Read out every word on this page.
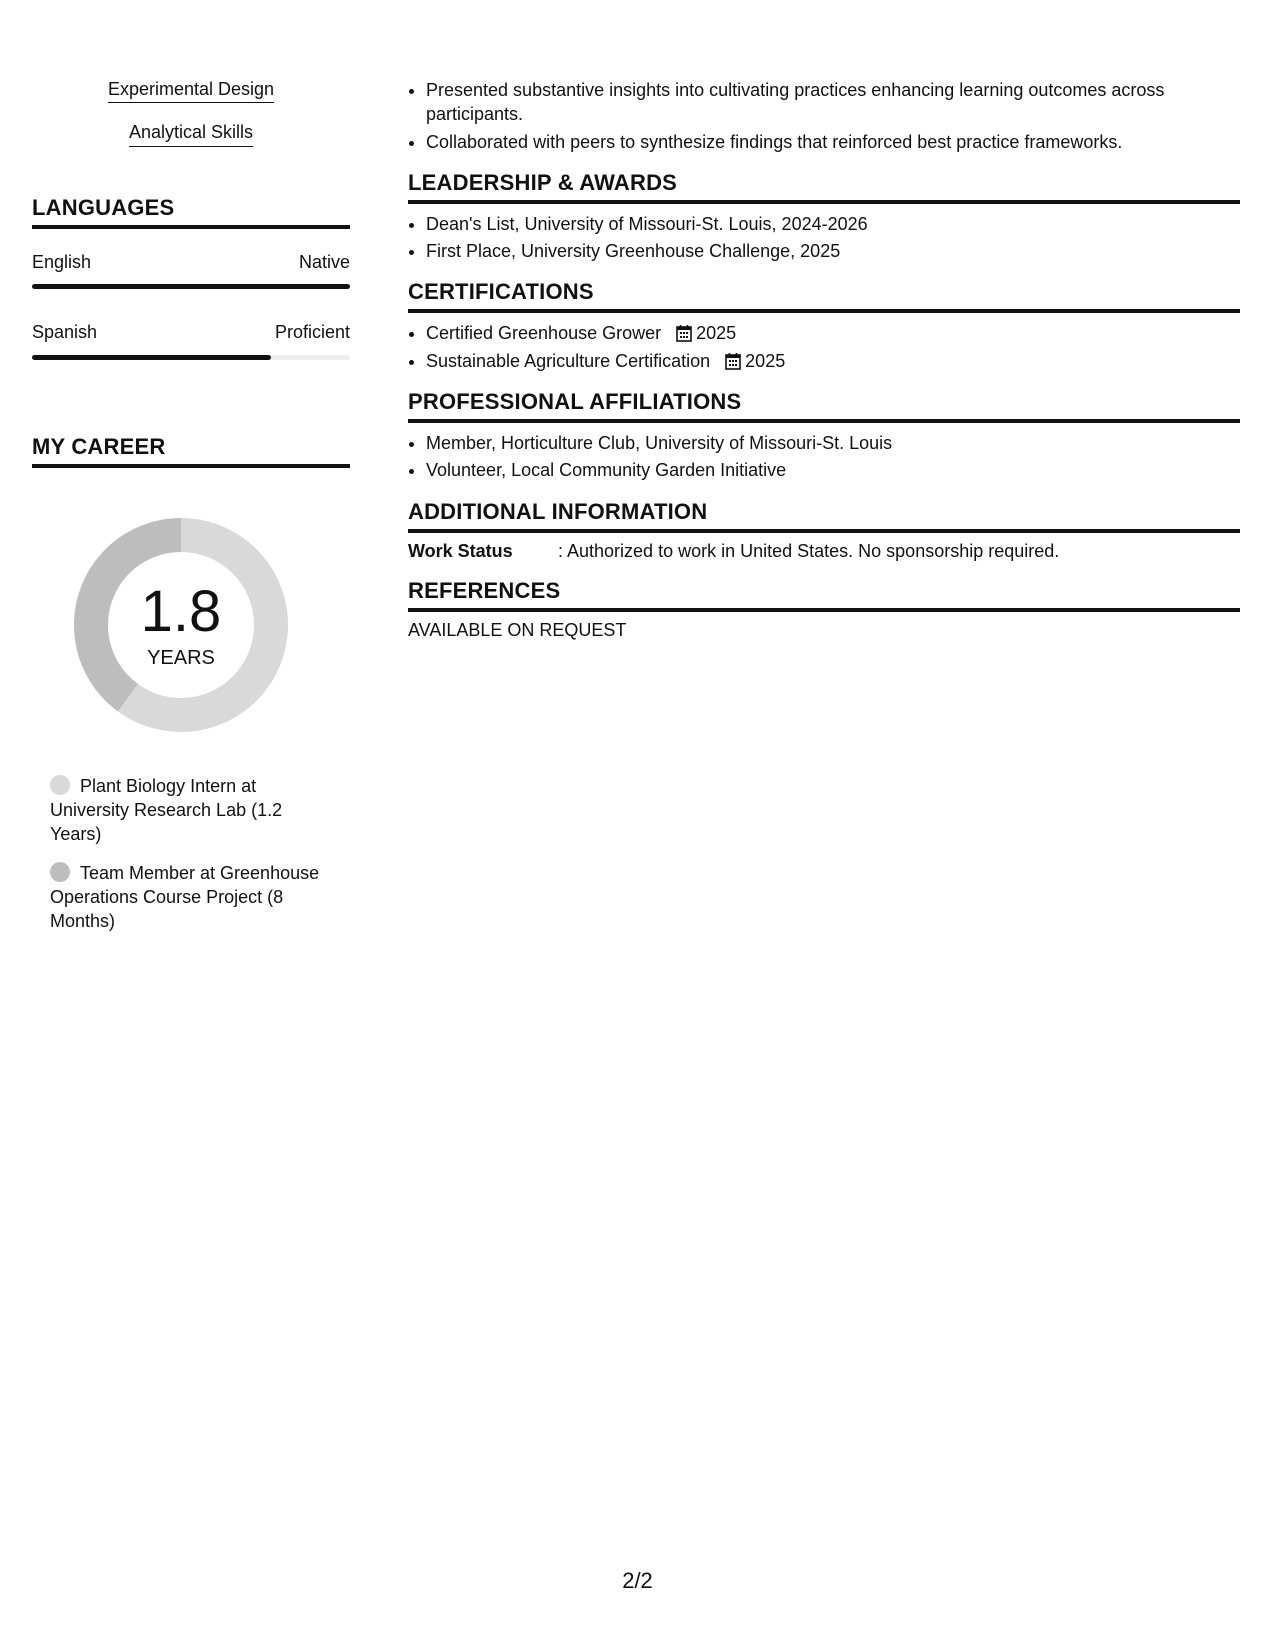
Experimental Design
Analytical Skills
LANGUAGES
English	Native
Spanish	Proficient
MY CAREER
1.8
YEARS
Plant Biology Intern at University Research Lab (1.2 Years)
Team Member at Greenhouse Operations Course Project (8 Months)
• Presented substantive insights into cultivating practices enhancing learning outcomes across participants.
• Collaborated with peers to synthesize findings that reinforced best practice frameworks.
LEADERSHIP & AWARDS
• Dean's List, University of Missouri-St. Louis, 2024-2026
• First Place, University Greenhouse Challenge, 2025
CERTIFICATIONS
• Certified Greenhouse Grower 2025
• Sustainable Agriculture Certification 2025
PROFESSIONAL AFFILIATIONS
• Member, Horticulture Club, University of Missouri-St. Louis
• Volunteer, Local Community Garden Initiative
ADDITIONAL INFORMATION
Work Status	: Authorized to work in United States. No sponsorship required.
REFERENCES
AVAILABLE ON REQUEST
2/2
